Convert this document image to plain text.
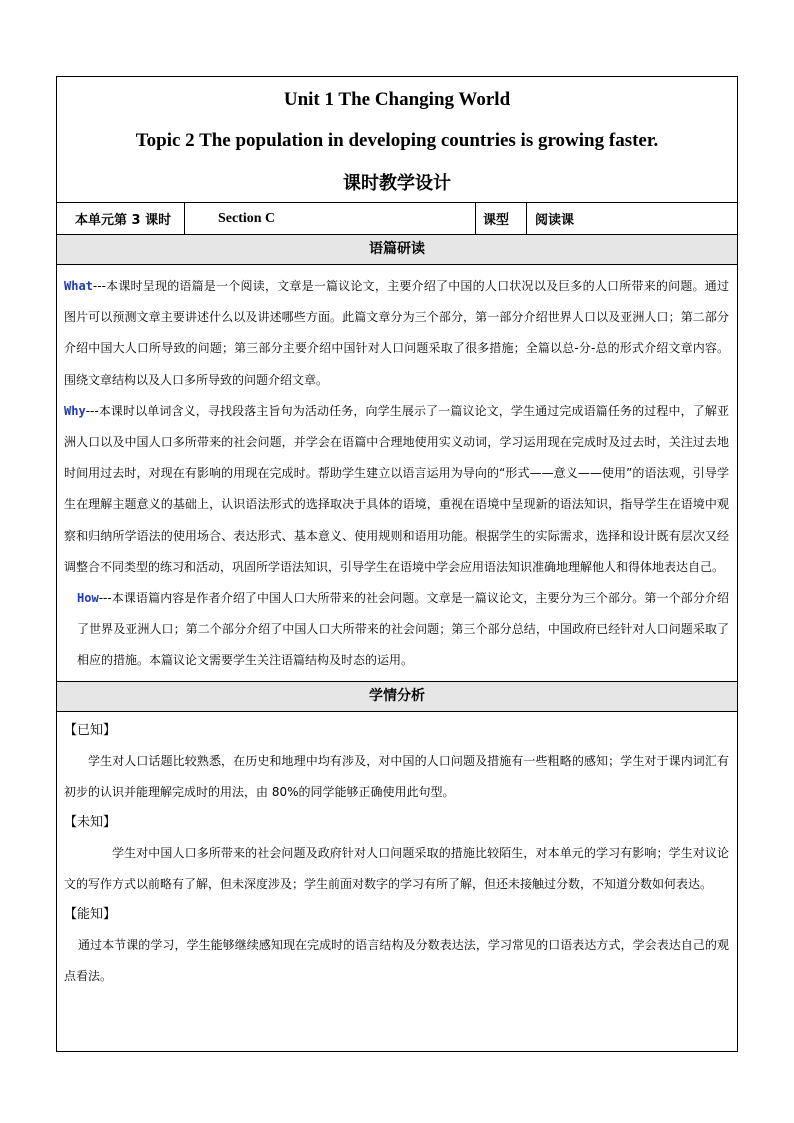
Unit 1 The Changing World
Topic 2 The population in developing countries is growing faster.
课时教学设计
本单元第 3 课时	Section C	课型	阅读课
语篇研读

What---本课时呈现的语篇是一个阅读，文章是一篇议论文，主要介绍了中国的人口状况以及巨多的人口所带来的问题。通过图片可以预测文章主要讲述什么以及讲述哪些方面。此篇文章分为三个部分，第一部分介绍世界人口以及亚洲人口；第二部分介绍中国大人口所导致的问题；第三部分主要介绍中国针对人口问题采取了很多措施；全篇以总-分-总的形式介绍文章内容。围绕文章结构以及人口多所导致的问题介绍文章。

Why---本课时以单词含义，寻找段落主旨句为活动任务，向学生展示了一篇议论文，学生通过完成语篇任务的过程中，了解亚洲人口以及中国人口多所带来的社会问题，并学会在语篇中合理地使用实义动词，学习运用现在完成时及过去时，关注过去地时间用过去时，对现在有影响的用现在完成时。帮助学生建立以语言运用为导向的“形式——意义——使用”的语法观，引导学生在理解主题意义的基础上，认识语法形式的选择取决于具体的语境，重视在语境中呈现新的语法知识，指导学生在语境中观察和归纳所学语法的使用场合、表达形式、基本意义、使用规则和语用功能。根据学生的实际需求，选择和设计既有层次又经调整合不同类型的练习和活动，巩固所学语法知识，引导学生在语境中学会应用语法知识准确地理解他人和得体地表达自己。

How---本课语篇内容是作者介绍了中国人口大所带来的社会问题。文章是一篇议论文，主要分为三个部分。第一个部分介绍了世界及亚洲人口；第二个部分介绍了中国人口大所带来的社会问题；第三个部分总结，中国政府已经针对人口问题采取了相应的措施。本篇议论文需要学生关注语篇结构及时态的运用。

学情分析

【已知】

学生对人口话题比较熟悉，在历史和地理中均有涉及，对中国的人口问题及措施有一些粗略的感知；学生对于课内词汇有初步的认识并能理解完成时的用法，由 80%的同学能够正确使用此句型。

【未知】

学生对中国人口多所带来的社会问题及政府针对人口问题采取的措施比较陌生，对本单元的学习有影响；学生对议论文的写作方式以前略有了解，但未深度涉及；学生前面对数字的学习有所了解，但还未接触过分数，不知道分数如何表达。

【能知】

通过本节课的学习，学生能够继续感知现在完成时的语言结构及分数表达法，学习常见的口语表达方式，学会表达自己的观点看法。
